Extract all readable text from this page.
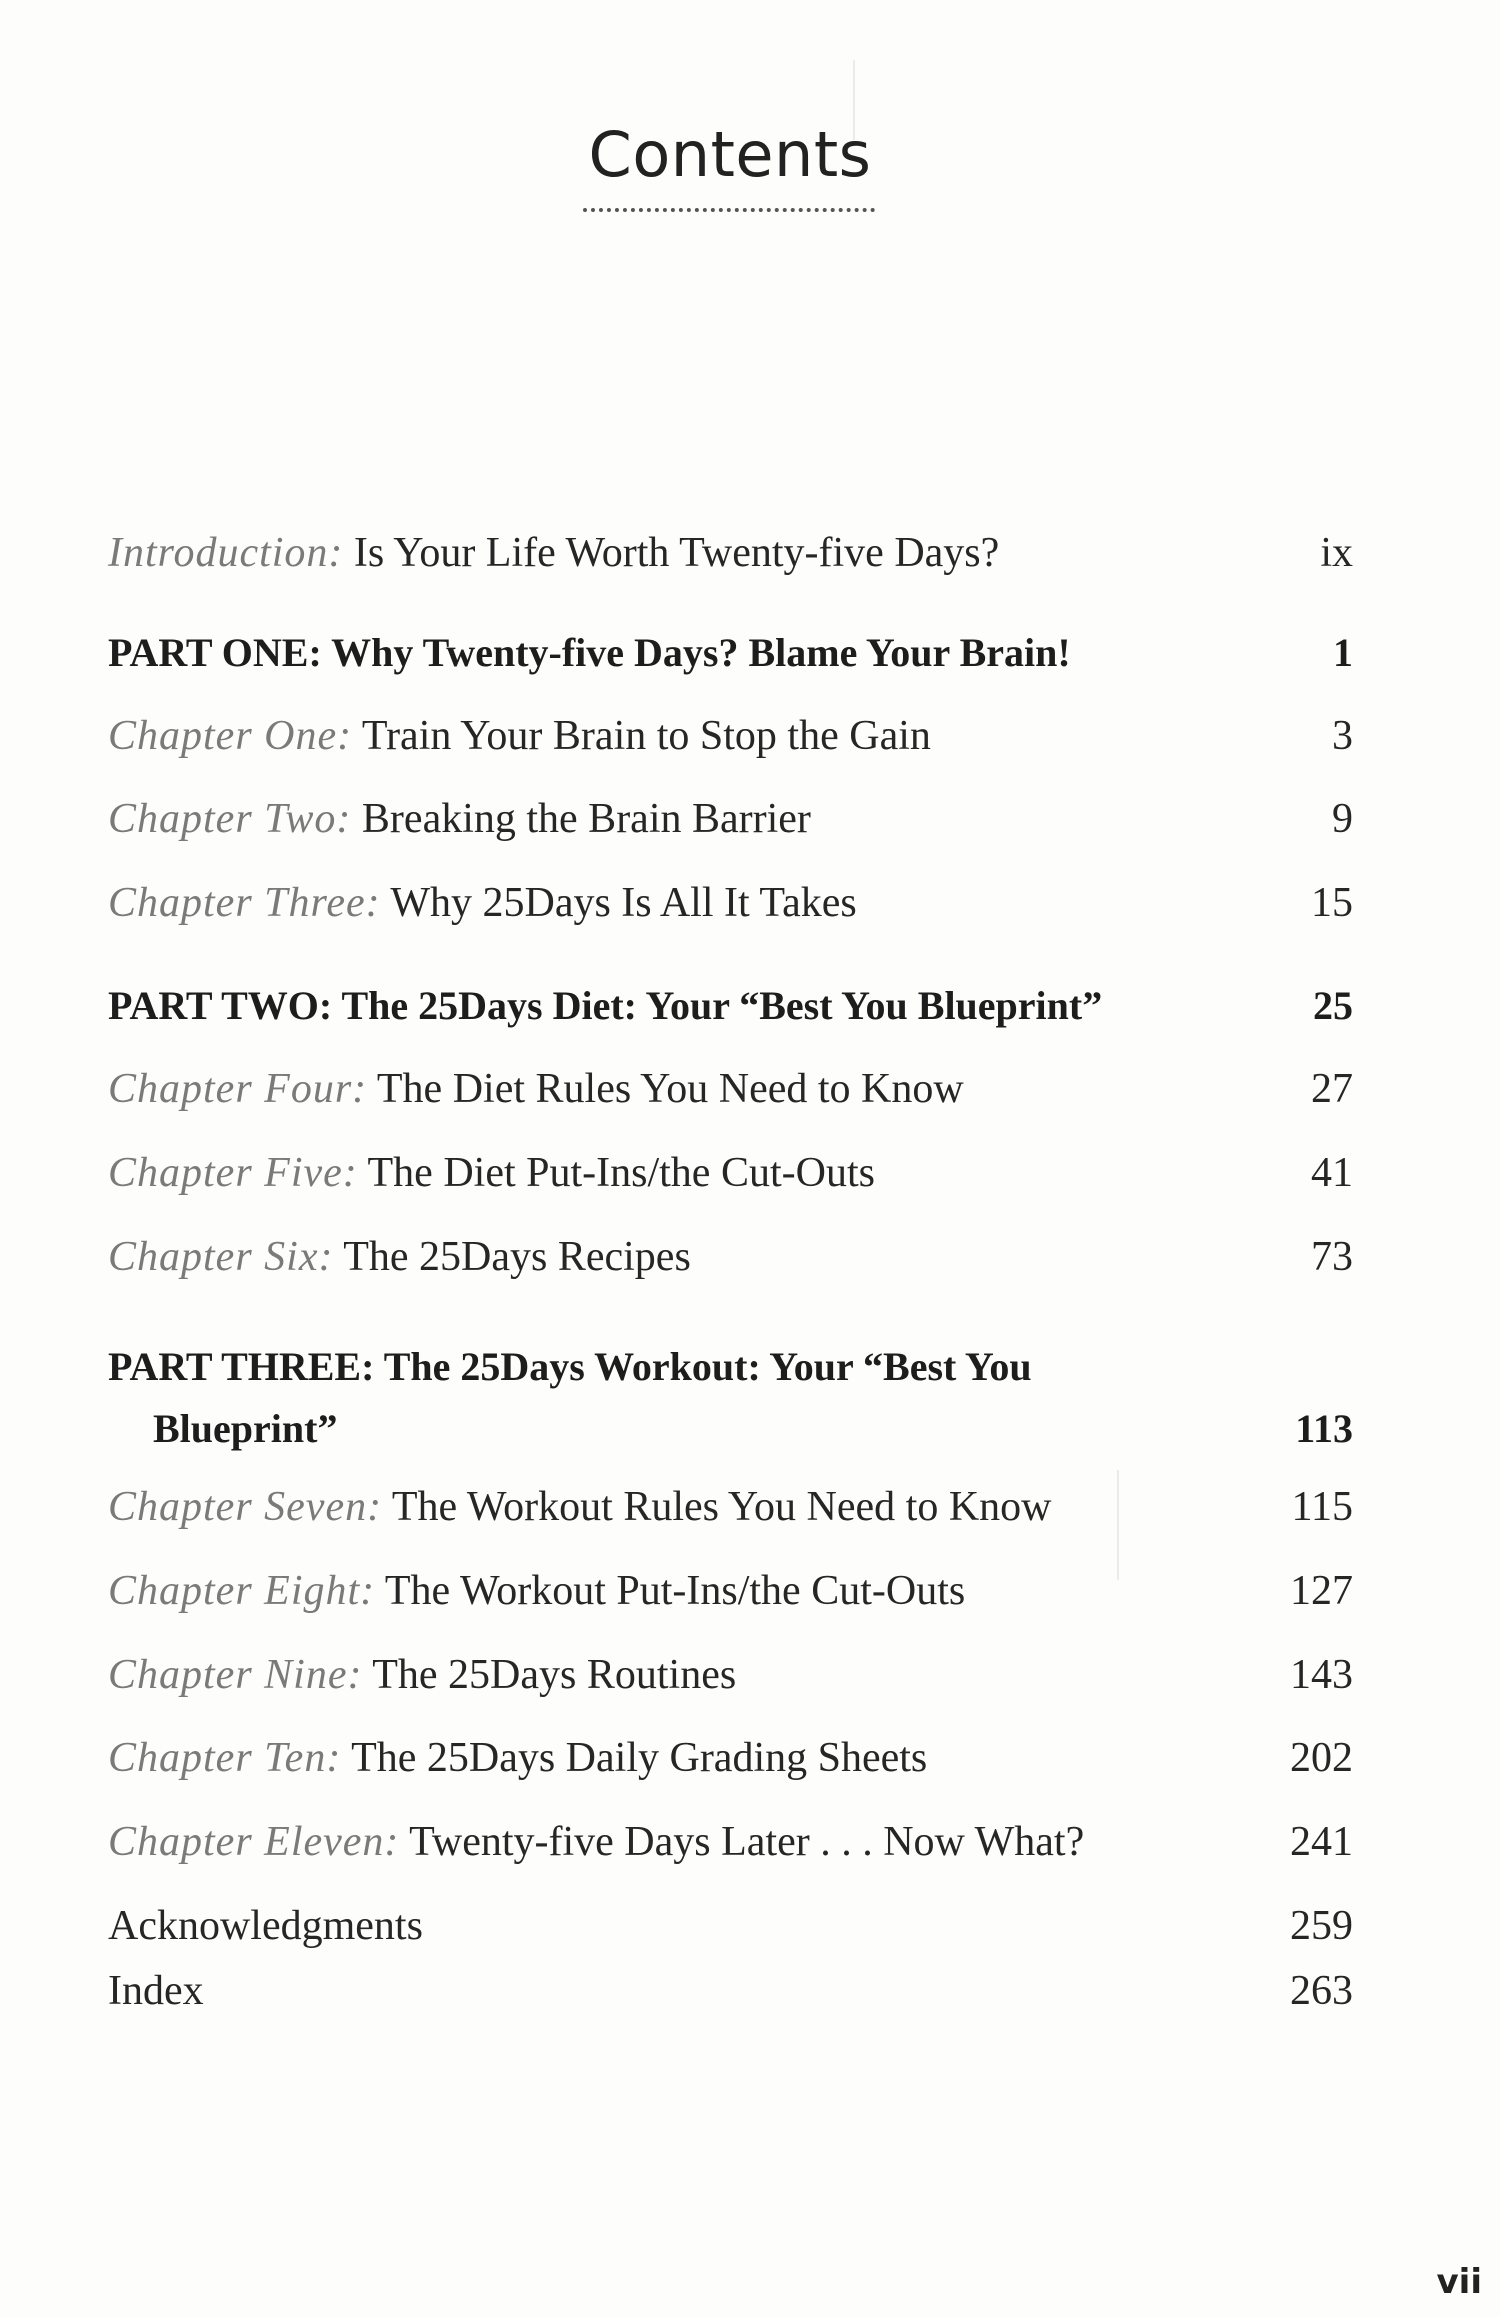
Contents
Introduction: Is Your Life Worth Twenty-five Days?	ix
PART ONE: Why Twenty-five Days? Blame Your Brain!	1
Chapter One: Train Your Brain to Stop the Gain	3
Chapter Two: Breaking the Brain Barrier	9
Chapter Three: Why 25Days Is All It Takes	15
PART TWO: The 25Days Diet: Your “Best You Blueprint”	25
Chapter Four: The Diet Rules You Need to Know	27
Chapter Five: The Diet Put-Ins/the Cut-Outs	41
Chapter Six: The 25Days Recipes	73
PART THREE: The 25Days Workout: Your “Best You
Blueprint”	113
Chapter Seven: The Workout Rules You Need to Know	115
Chapter Eight: The Workout Put-Ins/the Cut-Outs	127
Chapter Nine: The 25Days Routines	143
Chapter Ten: The 25Days Daily Grading Sheets	202
Chapter Eleven: Twenty-five Days Later . . . Now What?	241
Acknowledgments	259
Index	263
vii
